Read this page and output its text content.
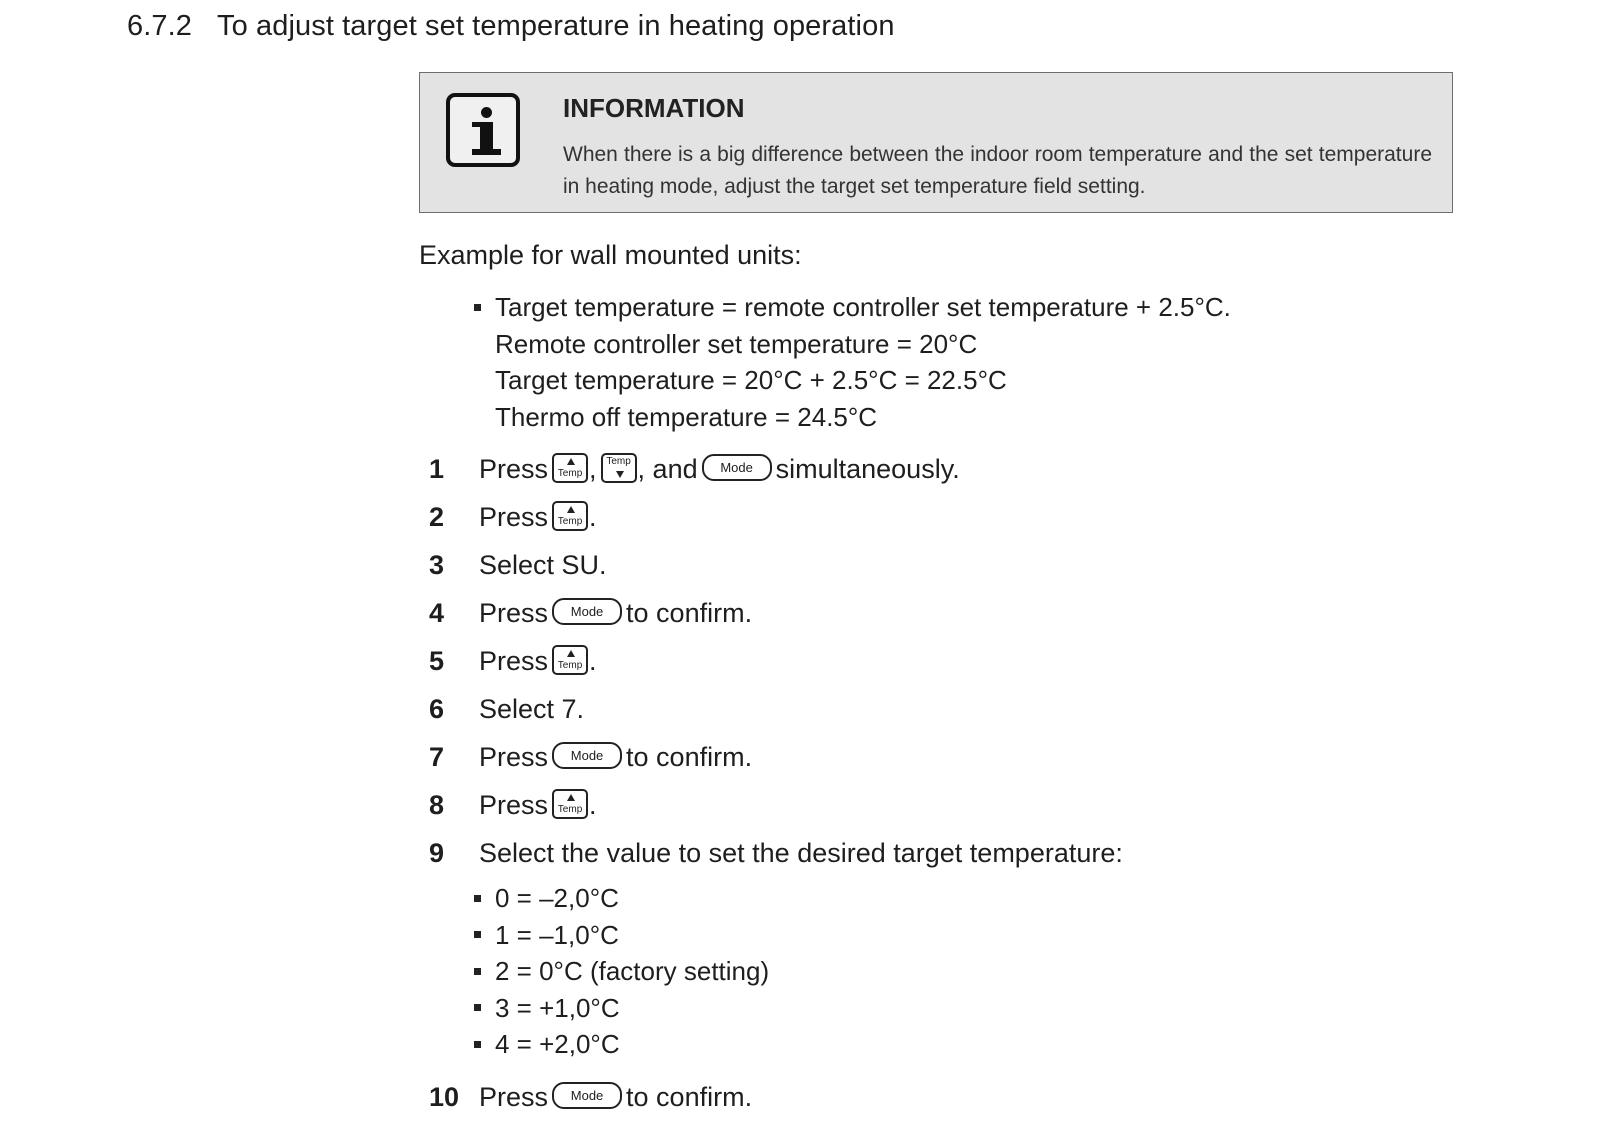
6.7.2 To adjust target set temperature in heating operation
INFORMATION
When there is a big difference between the indoor room temperature and the set temperature in heating mode, adjust the target set temperature field setting.
Example for wall mounted units:
Target temperature = remote controller set temperature + 2.5°C.
Remote controller set temperature = 20°C
Target temperature = 20°C + 2.5°C = 22.5°C
Thermo off temperature = 24.5°C
1	Press Temp , Temp , and Mode simultaneously.
2	Press Temp .
3	Select SU.
4	Press Mode to confirm.
5	Press Temp .
6	Select 7.
7	Press Mode to confirm.
8	Press Temp .
9	Select the value to set the desired target temperature:
0 = –2,0°C
1 = –1,0°C
2 = 0°C (factory setting)
3 = +1,0°C
4 = +2,0°C
10 Press Mode to confirm.
